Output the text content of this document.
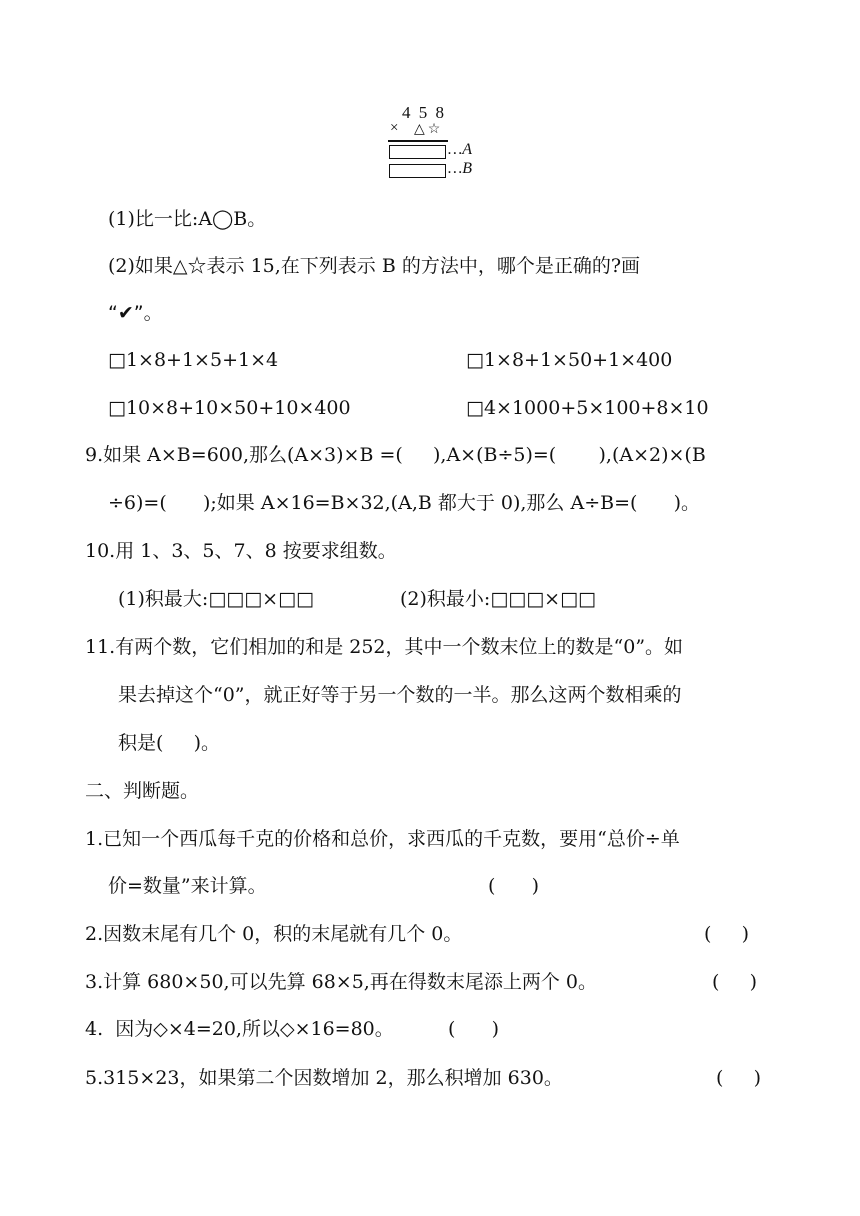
4 5 8
× △☆
…A
…B
(1)比一比:A◯B。
(2)如果△☆表示 15,在下列表示 B 的方法中，哪个是正确的?画
“✔”。
□1×8+1×5+1×4	□1×8+1×50+1×400
□10×8+10×50+10×400	□4×1000+5×100+8×10
9.如果 A×B=600,那么(A×3)×B =(     ),A×(B÷5)=(       ),(A×2)×(B
÷6)=(      );如果 A×16=B×32,(A,B 都大于 0),那么 A÷B=(      )。
10.用 1、3、5、7、8 按要求组数。
(1)积最大:□□□×□□	(2)积最小:□□□×□□
11.有两个数，它们相加的和是 252，其中一个数末位上的数是“0”。如
果去掉这个“0”，就正好等于另一个数的一半。那么这两个数相乘的
积是(     )。
二、判断题。
1.已知一个西瓜每千克的价格和总价，求西瓜的千克数，要用“总价÷单
价=数量”来计算。	(      )
2.因数末尾有几个 0，积的末尾就有几个 0。	(     )
3.计算 680×50,可以先算 68×5,再在得数末尾添上两个 0。	(     )
4.  因为◇×4=20,所以◇×16=80。	(      )
5.315×23，如果第二个因数增加 2，那么积增加 630。	(     )
